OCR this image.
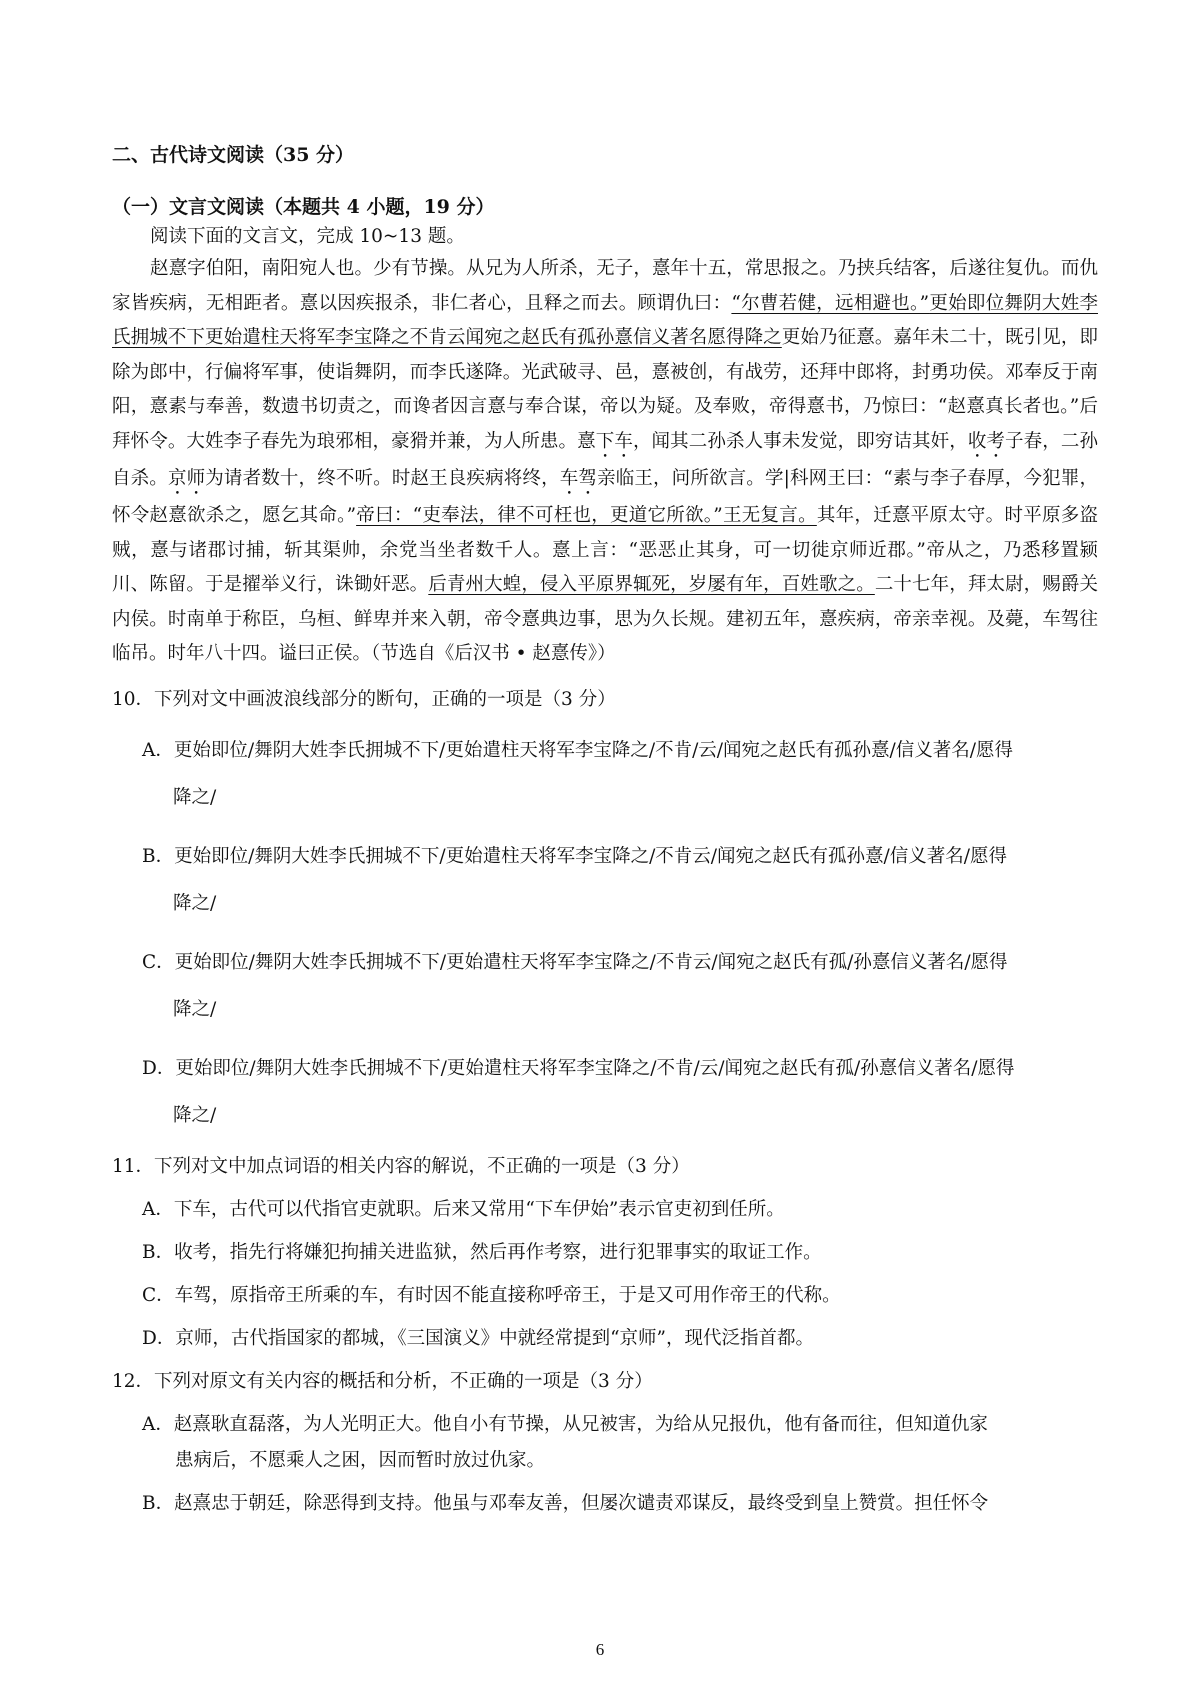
二、古代诗文阅读（35 分）

（一）文言文阅读（本题共 4 小题，19 分）

阅读下面的文言文，完成 10~13 题。

赵憙字伯阳，南阳宛人也。少有节操。从兄为人所杀，无子，憙年十五，常思报之。乃挟兵结客，后遂往复仇。而仇家皆疾病，无相距者。憙以因疾报杀，非仁者心，且释之而去。顾谓仇曰：“尔曹若健，远相避也。”更始即位舞阴大姓李氏拥城不下更始遣柱天将军李宝降之不肯云闻宛之赵氏有孤孙憙信义著名愿得降之更始乃征憙。嘉年未二十，既引见，即除为郎中，行偏将军事，使诣舞阴，而李氏遂降。光武破寻、邑，憙被创，有战劳，还拜中郎将，封勇功侯。邓奉反于南阳，憙素与奉善，数遗书切责之，而谗者因言憙与奉合谋，帝以为疑。及奉败，帝得憙书，乃惊曰：“赵憙真长者也。”后拜怀令。大姓李子春先为琅邪相，豪猾并兼，为人所患。憙下车，闻其二孙杀人事未发觉，即穷诘其奸，收考子春，二孙自杀。京师为请者数十，终不听。时赵王良疾病将终，车驾亲临王，问所欲言。学|科网王曰：“素与李子春厚，今犯罪，怀令赵憙欲杀之，愿乞其命。”帝曰：“吏奉法，律不可枉也，更道它所欲。”王无复言。其年，迁憙平原太守。时平原多盗贼，憙与诸郡讨捕，斩其渠帅，余党当坐者数千人。憙上言：“恶恶止其身，可一切徙京师近郡。”帝从之，乃悉移置颍川、陈留。于是擢举义行，诛锄奸恶。后青州大蝗，侵入平原界辄死，岁屡有年，百姓歌之。二十七年，拜太尉，赐爵关内侯。时南单于称臣，乌桓、鲜卑并来入朝，帝令憙典边事，思为久长规。建初五年，憙疾病，帝亲幸视。及薨，车驾往临吊。时年八十四。谥曰正侯。（节选自《后汉书 • 赵憙传》）

10．下列对文中画波浪线部分的断句，正确的一项是（3 分）

A．更始即位/舞阴大姓李氏拥城不下/更始遣柱天将军李宝降之/不肯/云/闻宛之赵氏有孤孙憙/信义著名/愿得
降之/

B．更始即位/舞阴大姓李氏拥城不下/更始遣柱天将军李宝降之/不肯云/闻宛之赵氏有孤孙憙/信义著名/愿得
降之/

C．更始即位/舞阴大姓李氏拥城不下/更始遣柱天将军李宝降之/不肯云/闻宛之赵氏有孤/孙憙信义著名/愿得
降之/

D．更始即位/舞阴大姓李氏拥城不下/更始遣柱天将军李宝降之/不肯/云/闻宛之赵氏有孤/孙憙信义著名/愿得
降之/

11．下列对文中加点词语的相关内容的解说，不正确的一项是（3 分）

A．下车，古代可以代指官吏就职。后来又常用“下车伊始”表示官吏初到任所。

B．收考，指先行将嫌犯拘捕关进监狱，然后再作考察，进行犯罪事实的取证工作。

C．车驾，原指帝王所乘的车，有时因不能直接称呼帝王，于是又可用作帝王的代称。

D．京师，古代指国家的都城，《三国演义》中就经常提到“京师”，现代泛指首都。

12．下列对原文有关内容的概括和分析，不正确的一项是（3 分）

A．赵熹耿直磊落，为人光明正大。他自小有节操，从兄被害，为给从兄报仇，他有备而往，但知道仇家
患病后，不愿乘人之困，因而暂时放过仇家。

B．赵熹忠于朝廷，除恶得到支持。他虽与邓奉友善，但屡次谴责邓谋反，最终受到皇上赞赏。担任怀令

6
